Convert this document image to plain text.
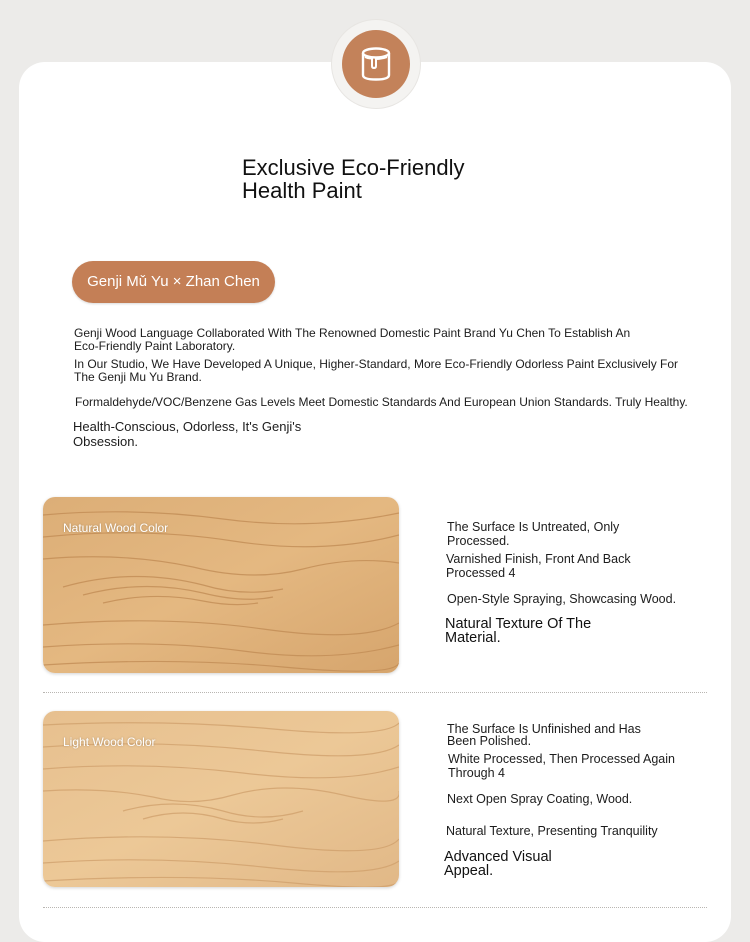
Exclusive Eco-Friendly Health Paint
Genji Mǔ Yu × Zhan Chen

Genji Wood Language Collaborated With The Renowned Domestic Paint Brand Yu Chen To Establish An Eco-Friendly Paint Laboratory.

In Our Studio, We Have Developed A Unique, Higher-Standard, More Eco-Friendly Odorless Paint Exclusively For The Genji Mu Yu Brand.

Formaldehyde/VOC/Benzene Gas Levels Meet Domestic Standards And European Union Standards. Truly Healthy.

Health-Conscious, Odorless, It's Genji's Obsession.

Natural Wood Color	The Surface Is Untreated, Only Processed.

Varnished Finish, Front And Back Processed 4

Open-Style Spraying, Showcasing Wood.

Natural Texture Of The Material.

Light Wood Color

The Surface Is Unfinished and Has Been Polished.

White Processed, Then Processed Again Through 4

Next Open Spray Coating, Wood.

Natural Texture, Presenting Tranquility

Advanced Visual Appeal.
